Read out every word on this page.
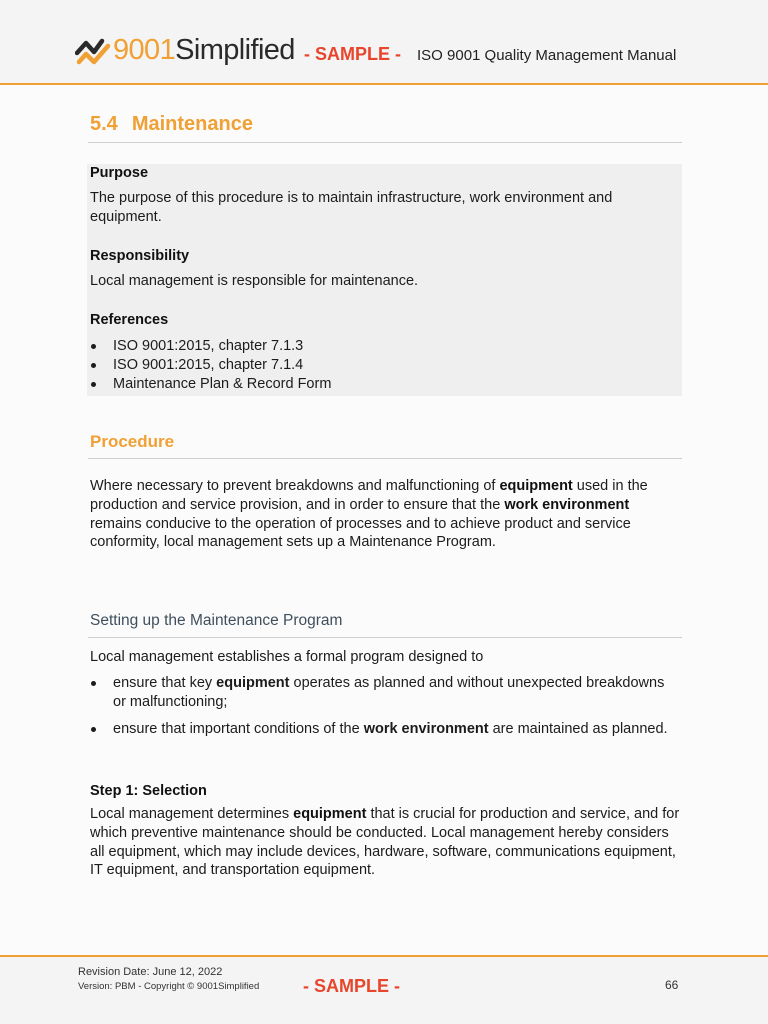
9001Simplified - SAMPLE - ISO 9001 Quality Management Manual
5.4 Maintenance
Purpose
The purpose of this procedure is to maintain infrastructure, work environment and equipment.
Responsibility
Local management is responsible for maintenance.
References
ISO 9001:2015, chapter 7.1.3
ISO 9001:2015, chapter 7.1.4
Maintenance Plan & Record Form
Procedure
Where necessary to prevent breakdowns and malfunctioning of equipment used in the production and service provision, and in order to ensure that the work environment remains conducive to the operation of processes and to achieve product and service conformity, local management sets up a Maintenance Program.
Setting up the Maintenance Program
Local management establishes a formal program designed to
ensure that key equipment operates as planned and without unexpected breakdowns or malfunctioning;
ensure that important conditions of the work environment are maintained as planned.
Step 1: Selection
Local management determines equipment that is crucial for production and service, and for which preventive maintenance should be conducted. Local management hereby considers all equipment, which may include devices, hardware, software, communications equipment, IT equipment, and transportation equipment.
Revision Date: June 12, 2022
Version: PBM - Copyright © 9001Simplified - SAMPLE -	66
